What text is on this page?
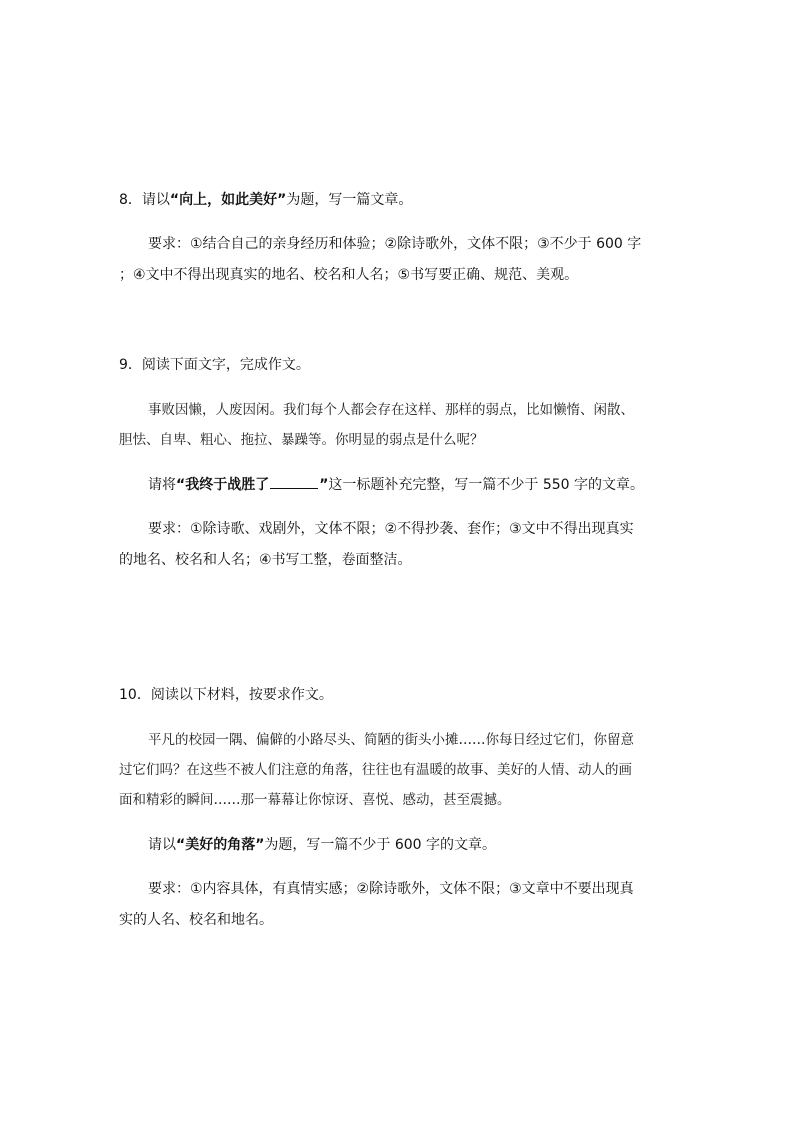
8．请以“向上，如此美好”为题，写一篇文章。
要求：①结合自己的亲身经历和体验；②除诗歌外，文体不限；③不少于 600 字
；④文中不得出现真实的地名、校名和人名；⑤书写要正确、规范、美观。
9．阅读下面文字，完成作文。
事败因懒，人废因闲。我们每个人都会存在这样、那样的弱点，比如懒惰、闲散、
胆怯、自卑、粗心、拖拉、暴躁等。你明显的弱点是什么呢？
请将“我终于战胜了	”这一标题补充完整，写一篇不少于 550 字的文章。
要求：①除诗歌、戏剧外，文体不限；②不得抄袭、套作；③文中不得出现真实
的地名、校名和人名；④书写工整，卷面整洁。
10．阅读以下材料，按要求作文。
平凡的校园一隅、偏僻的小路尽头、简陋的街头小摊……你每日经过它们，你留意
过它们吗？在这些不被人们注意的角落，往往也有温暖的故事、美好的人情、动人的画
面和精彩的瞬间……那一幕幕让你惊讶、喜悦、感动，甚至震撼。
请以“美好的角落”为题，写一篇不少于 600 字的文章。
要求：①内容具体，有真情实感；②除诗歌外，文体不限；③文章中不要出现真
实的人名、校名和地名。
